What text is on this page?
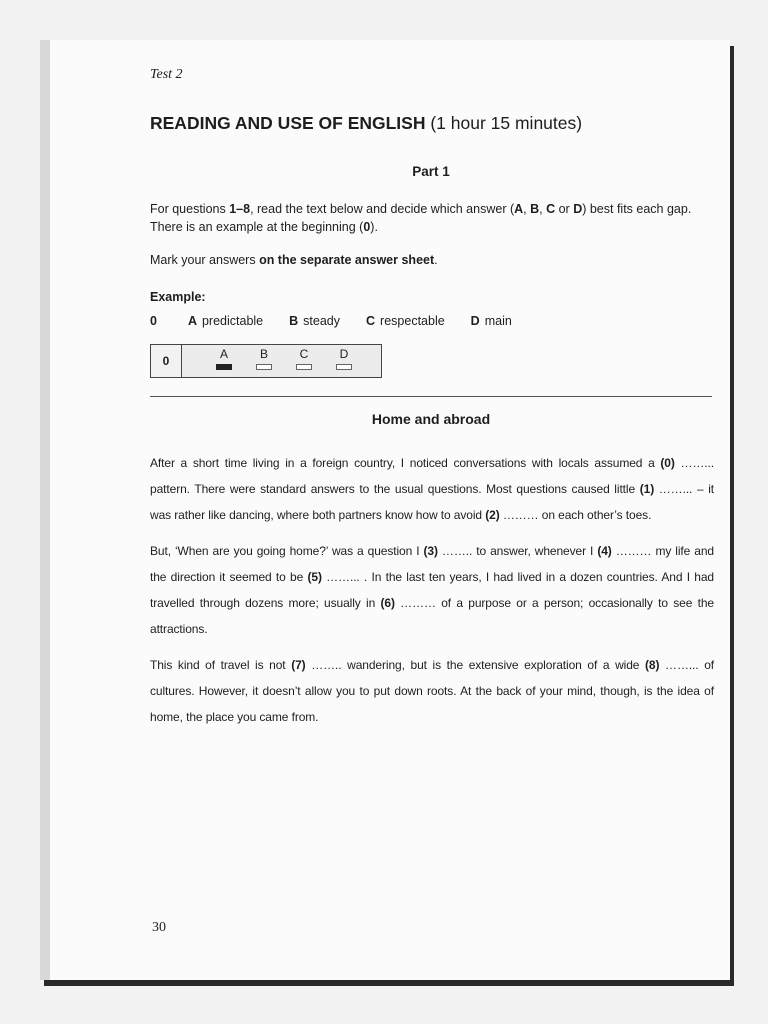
Test 2
READING AND USE OF ENGLISH (1 hour 15 minutes)
Part 1
For questions 1–8, read the text below and decide which answer (A, B, C or D) best fits each gap. There is an example at the beginning (0).
Mark your answers on the separate answer sheet.
Example:
0	A predictable B steady C respectable D main
0	A	B	C	D
Home and abroad
After a short time living in a foreign country, I noticed conversations with locals assumed a (0) ……... pattern. There were standard answers to the usual questions. Most questions caused little (1) ……... – it was rather like dancing, where both partners know how to avoid (2) ……… on each other’s toes.
But, ‘When are you going home?’ was a question I (3) …….. to answer, whenever I (4) ……… my life and the direction it seemed to be (5) ……... . In the last ten years, I had lived in a dozen countries. And I had travelled through dozens more; usually in (6) ……… of a purpose or a person; occasionally to see the attractions.
This kind of travel is not (7) …….. wandering, but is the extensive exploration of a wide (8) ……... of cultures. However, it doesn’t allow you to put down roots. At the back of your mind, though, is the idea of home, the place you came from.
30
